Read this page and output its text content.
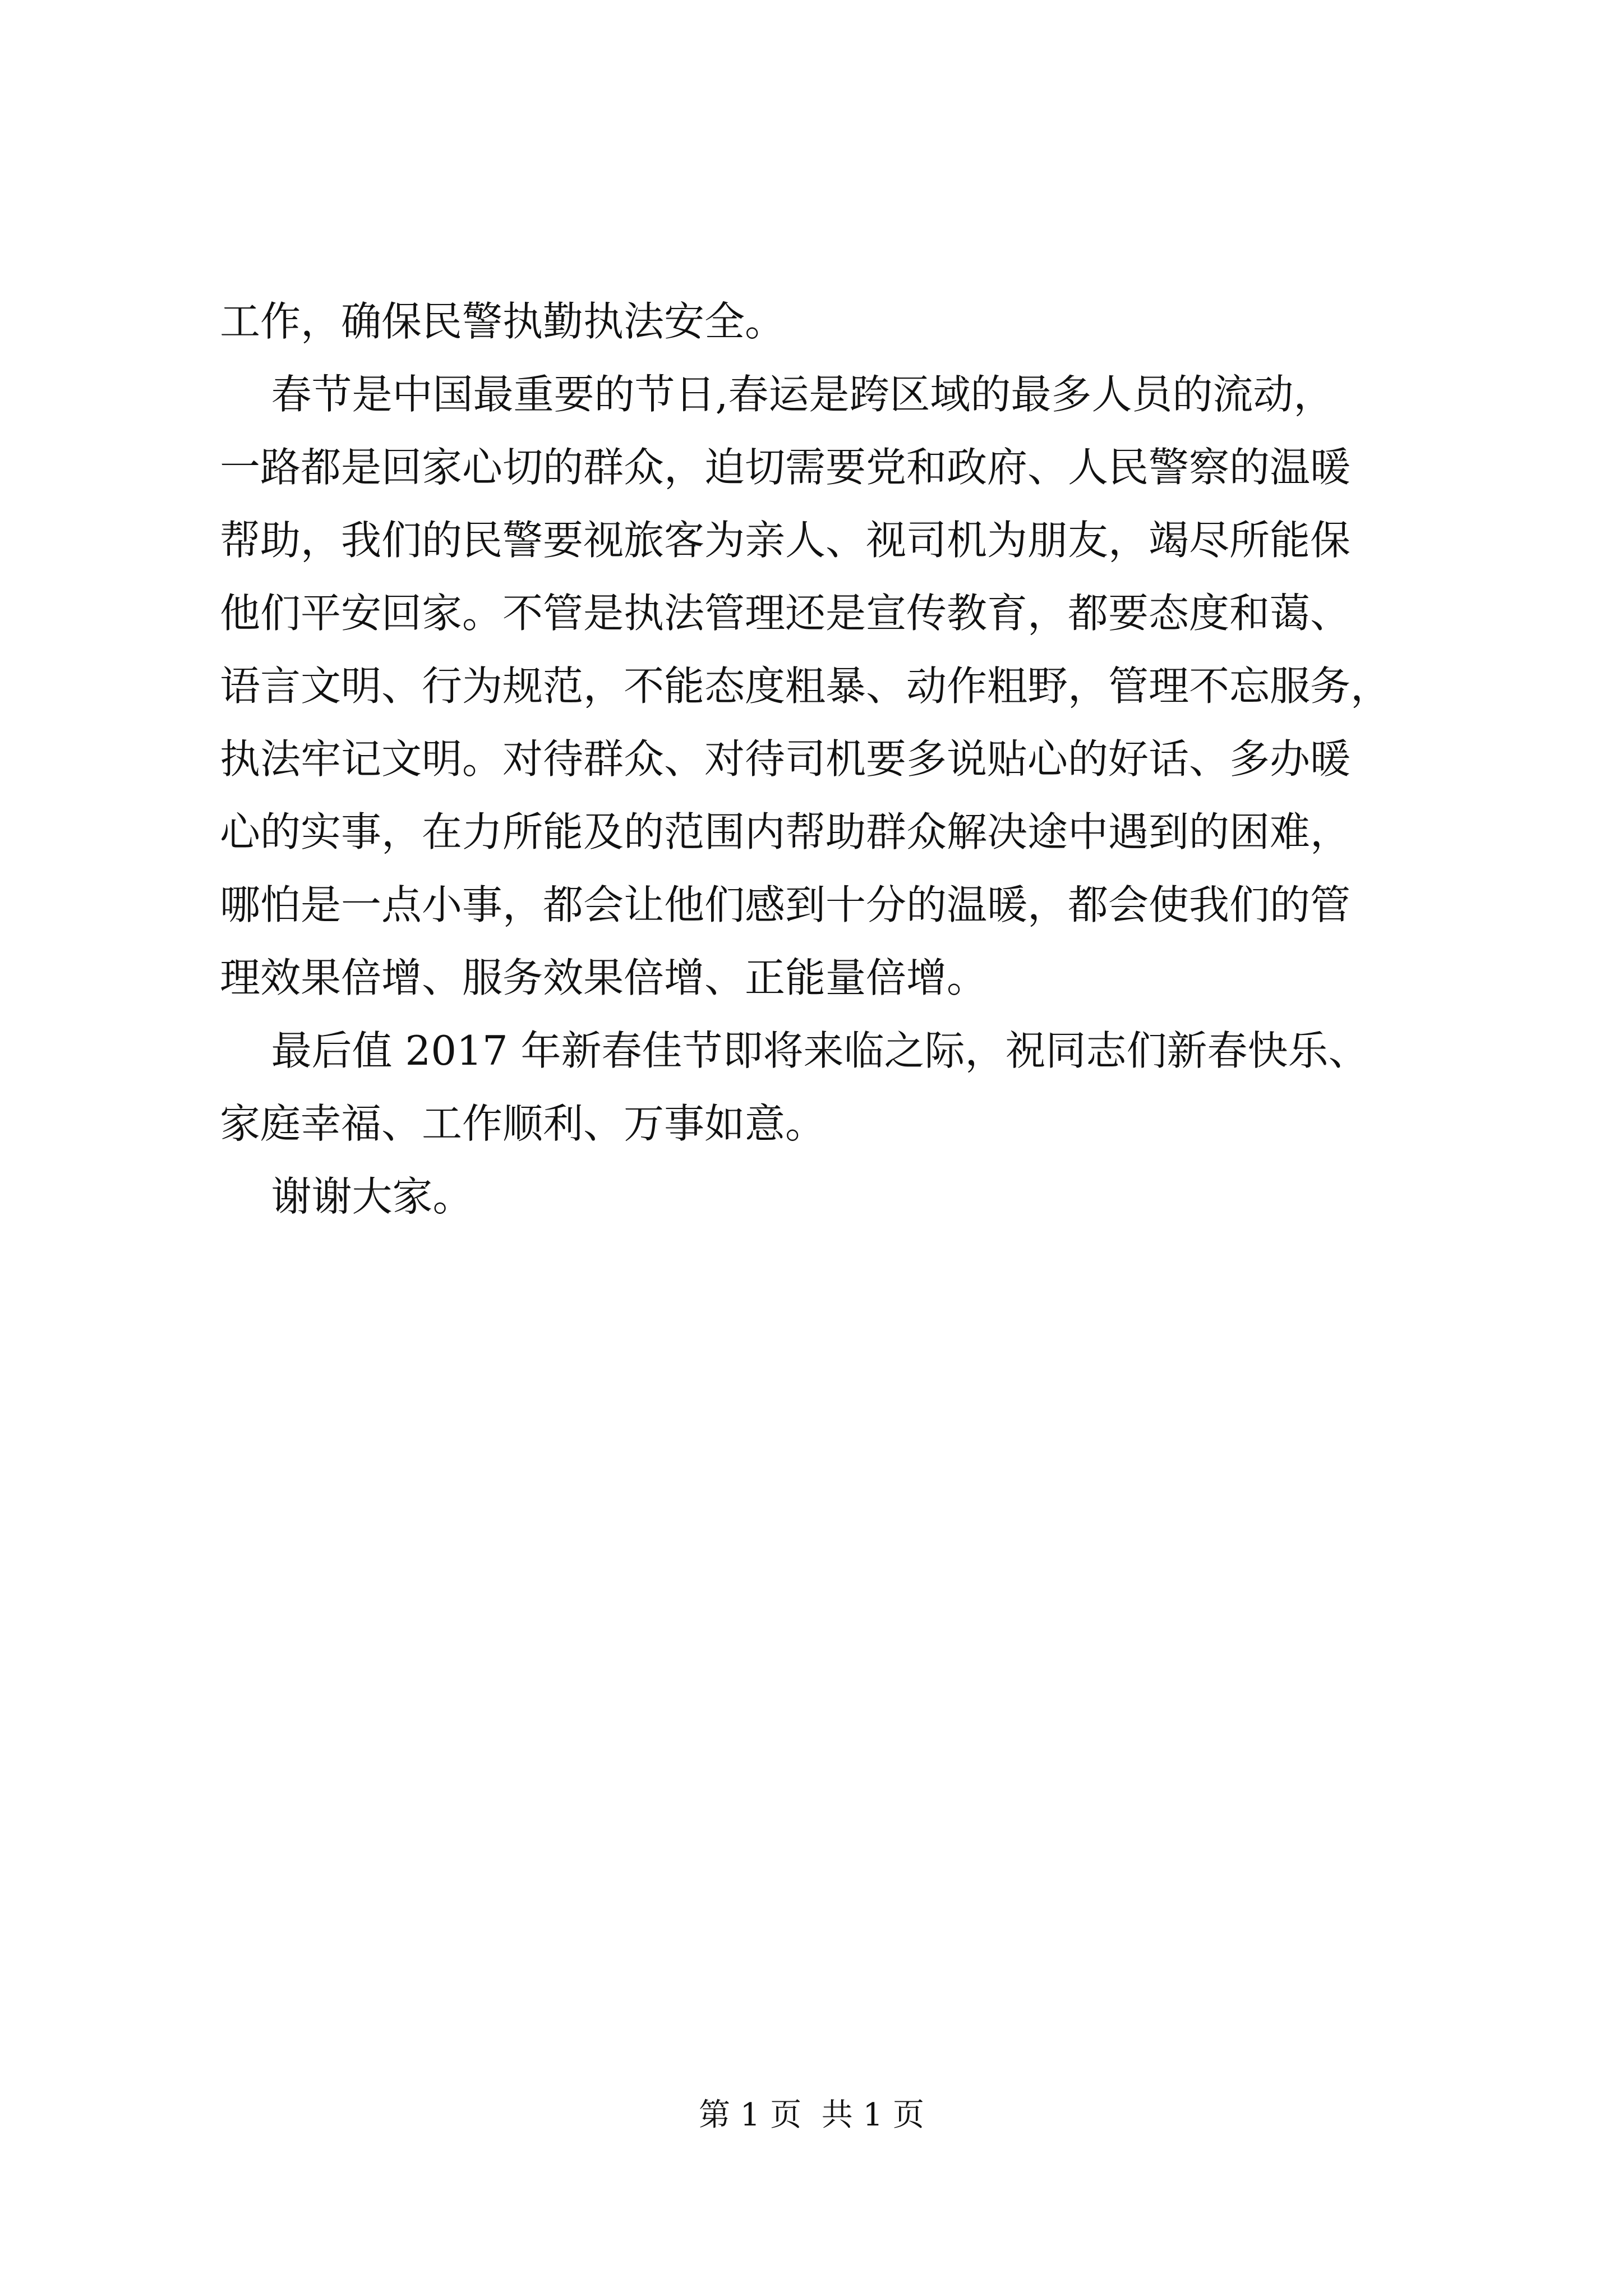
工作，确保民警执勤执法安全。
春节是中国最重要的节日,春运是跨区域的最多人员的流动，
一路都是回家心切的群众，迫切需要党和政府、人民警察的温暖
帮助，我们的民警要视旅客为亲人、视司机为朋友，竭尽所能保
他们平安回家。不管是执法管理还是宣传教育，都要态度和蔼、
语言文明、行为规范，不能态度粗暴、动作粗野，管理不忘服务，
执法牢记文明。对待群众、对待司机要多说贴心的好话、多办暖
心的实事，在力所能及的范围内帮助群众解决途中遇到的困难，
哪怕是一点小事，都会让他们感到十分的温暖，都会使我们的管
理效果倍增、服务效果倍增、正能量倍增。
最后值 2017 年新春佳节即将来临之际，祝同志们新春快乐、
家庭幸福、工作顺利、万事如意。
谢谢大家。
第 1 页  共 1 页
